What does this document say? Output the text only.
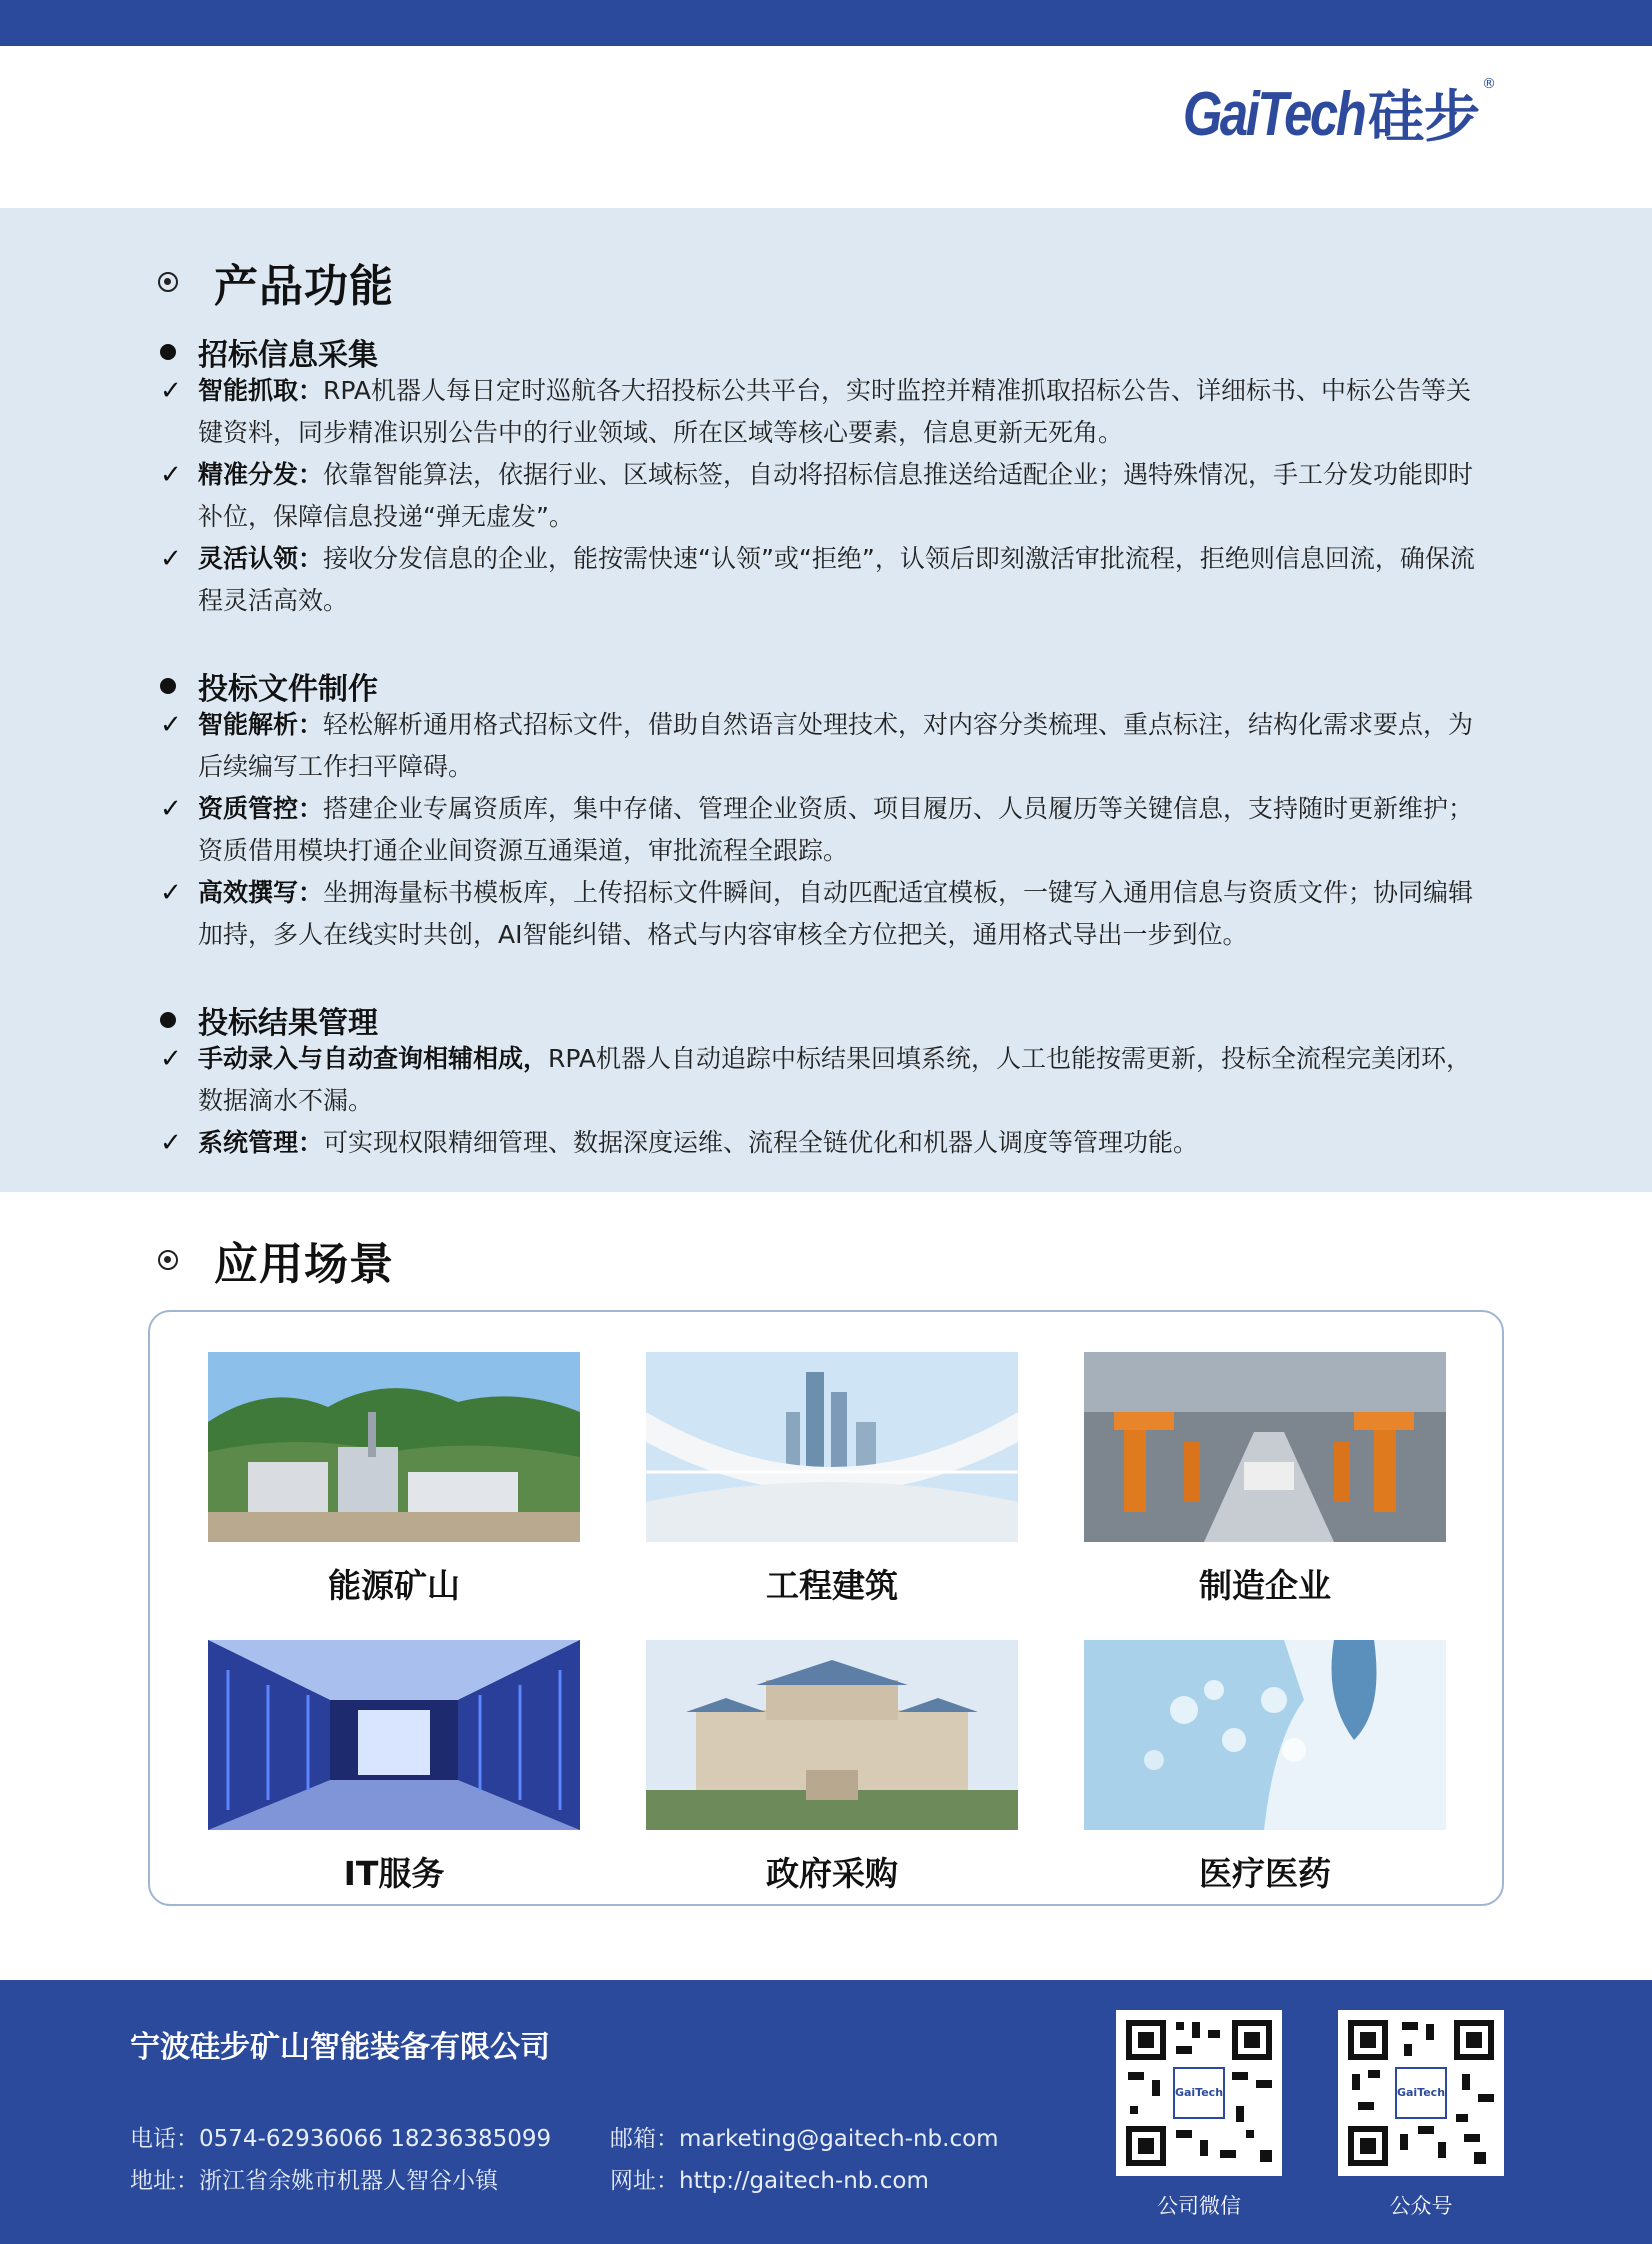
GaiTech 硅步
®
产品功能
招标信息采集
✓ 智能抓取：RPA机器人每日定时巡航各大招投标公共平台，实时监控并精准抓取招标公告、详细标书、中标公告等关键资料，同步精准识别公告中的行业领域、所在区域等核心要素，信息更新无死角。
✓ 精准分发：依靠智能算法，依据行业、区域标签，自动将招标信息推送给适配企业；遇特殊情况，手工分发功能即时补位，保障信息投递“弹无虚发”。
✓ 灵活认领：接收分发信息的企业，能按需快速“认领”或“拒绝”，认领后即刻激活审批流程，拒绝则信息回流，确保流程灵活高效。
投标文件制作
✓ 智能解析：轻松解析通用格式招标文件，借助自然语言处理技术，对内容分类梳理、重点标注，结构化需求要点，为后续编写工作扫平障碍。
✓ 资质管控：搭建企业专属资质库，集中存储、管理企业资质、项目履历、人员履历等关键信息，支持随时更新维护；资质借用模块打通企业间资源互通渠道，审批流程全跟踪。
✓ 高效撰写：坐拥海量标书模板库，上传招标文件瞬间，自动匹配适宜模板，一键写入通用信息与资质文件；协同编辑加持，多人在线实时共创，AI智能纠错、格式与内容审核全方位把关，通用格式导出一步到位。
投标结果管理
✓ 手动录入与自动查询相辅相成，RPA机器人自动追踪中标结果回填系统，人工也能按需更新，投标全流程完美闭环，数据滴水不漏。
✓ 系统管理：可实现权限精细管理、数据深度运维、流程全链优化和机器人调度等管理功能。
应用场景
能源矿山	工程建筑	制造企业
IT服务	政府采购	医疗医药
宁波硅步矿山智能装备有限公司
电话：0574-62936066 18236385099	邮箱：marketing@gaitech-nb.com
地址：浙江省余姚市机器人智谷小镇	网址：http://gaitech-nb.com
GaiTech
公司微信
GaiTech
公众号
